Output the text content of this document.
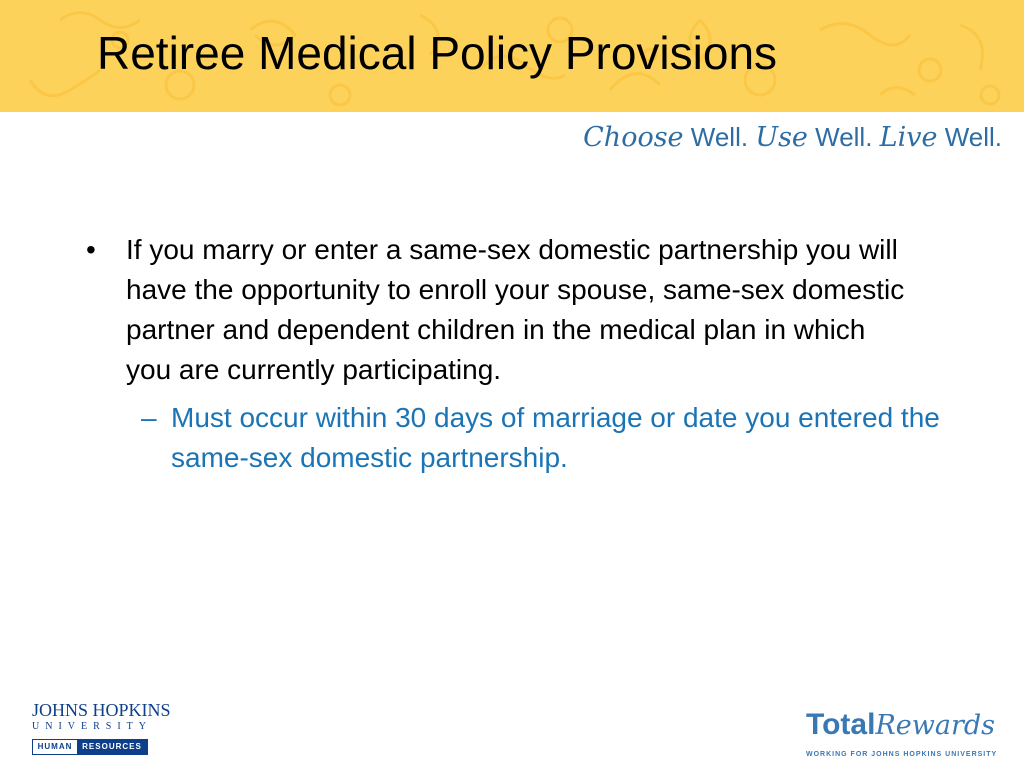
Retiree Medical Policy Provisions
Choose Well. Use Well. Live Well.
•	If you marry or enter a same-sex domestic partnership you will have the opportunity to enroll your spouse, same-sex domestic partner and dependent children in the medical plan in which you are currently participating.
– Must occur within 30 days of marriage or date you entered the same-sex domestic partnership.
JOHNS HOPKINS
UNIVERSITY
HUMAN	RESOURCES
TotalRewards
WORKING FOR JOHNS HOPKINS UNIVERSITY
